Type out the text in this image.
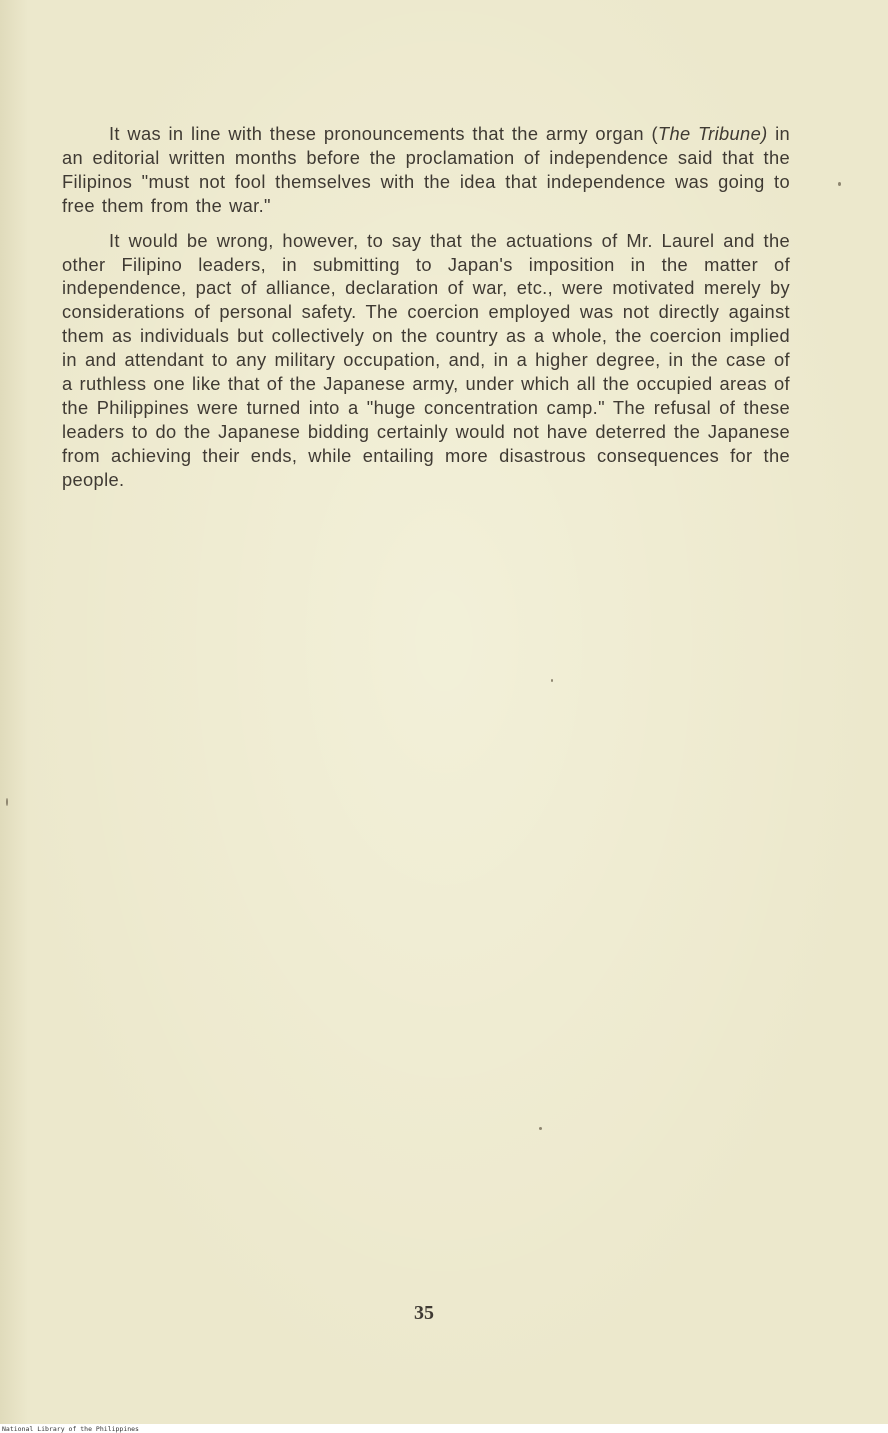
It was in line with these pronouncements that the army organ (The Tribune) in an editorial written months before the proclamation of independence said that the Filipinos "must not fool themselves with the idea that independence was going to free them from the war."

It would be wrong, however, to say that the actuations of Mr. Laurel and the other Filipino leaders, in submitting to Japan's imposition in the matter of independence, pact of alliance, declaration of war, etc., were motivated merely by considerations of personal safety. The coercion employed was not directly against them as individuals but collectively on the country as a whole, the coercion implied in and attendant to any military occupation, and, in a higher degree, in the case of a ruthless one like that of the Japanese army, under which all the occupied areas of the Philippines were turned into a "huge concentration camp." The refusal of these leaders to do the Japanese bidding certainly would not have deterred the Japanese from achieving their ends, while entailing more disastrous consequences for the people.

35
National Library of the Philippines
